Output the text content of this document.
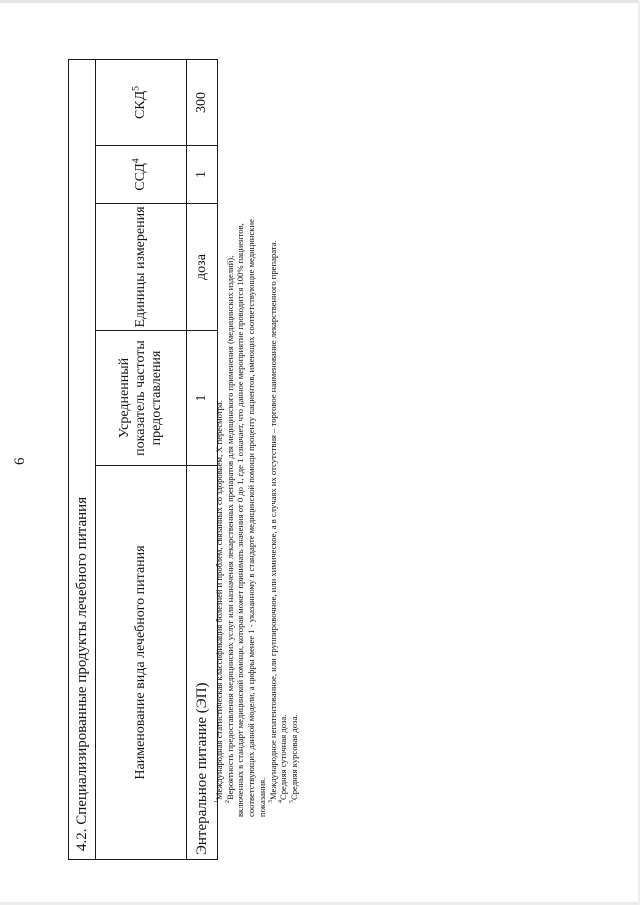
6
4.2. Специализированные продукты лечебного питания				
Наименование вида лечебного питания	Усредненный показатель частоты предоставления	Единицы измерения	ССД$^4$	СКД$^5$
Энтеральное питание (ЭП)	1	доза	1	300

$^1$Международная статистическая классификация болезней и проблем, связанных со здоровьем, X пересмотра.

$^2$Вероятность предоставления медицинских услуг или назначения лекарственных препаратов для медицинского применения (медицинских изделий), включенных в стандарт медицинской помощи, которая может принимать значения от 0 до 1, где 1 означает, что данное мероприятие проводится 100% пациентов, соответствующих данной модели, а цифры менее 1 - указанному в стандарте медицинской помощи проценту пациентов, имеющих соответствующие медицинские показания. $^3$Международное непатентованное, или группировочное, или химическое, а в случаях их отсутствия – торговое наименование лекарственного препарата.

$^4$Средняя суточная доза.

$^5$Средняя курсовая доза.
